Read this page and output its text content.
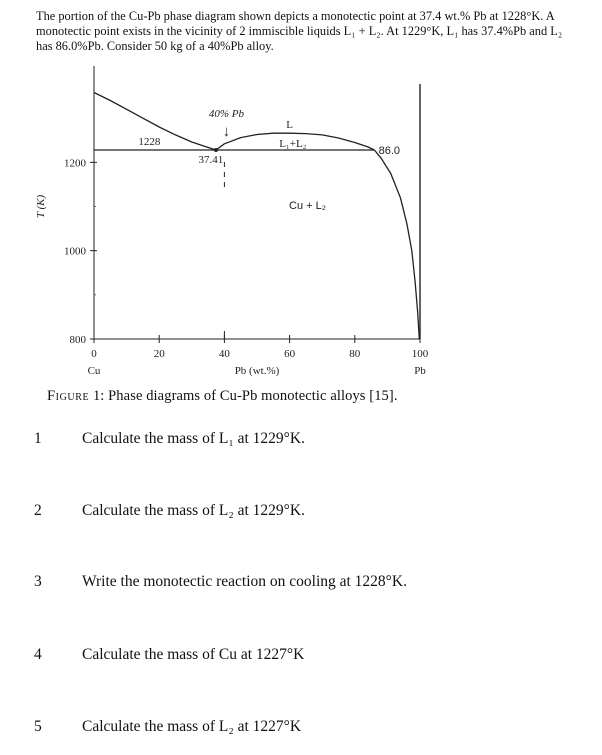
The portion of the Cu-Pb phase diagram shown depicts a monotectic point at 37.4 wt.% Pb at 1228°K. A monotectic point exists in the vicinity of 2 immiscible liquids L₁ + L₂. At 1229°K, L₁ has 37.4%Pb and L₂ has 86.0%Pb. Consider 50 kg of a 40%Pb alloy.
0	20	40	60	80	100
800
1000
1200
Pb (wt.%)
T (K)
Cu	Pb
40% Pb
↓
1228
37.41
86.0
L
L₁+L₂
Cu + L₂
Figure 1: Phase diagrams of Cu-Pb monotectic alloys [15].
1	Calculate the mass of L₁ at 1229°K.
2	Calculate the mass of L₂ at 1229°K.
3	Write the monotectic reaction on cooling at 1228°K.
4	Calculate the mass of Cu at 1227°K
5	Calculate the mass of L₂ at 1227°K
